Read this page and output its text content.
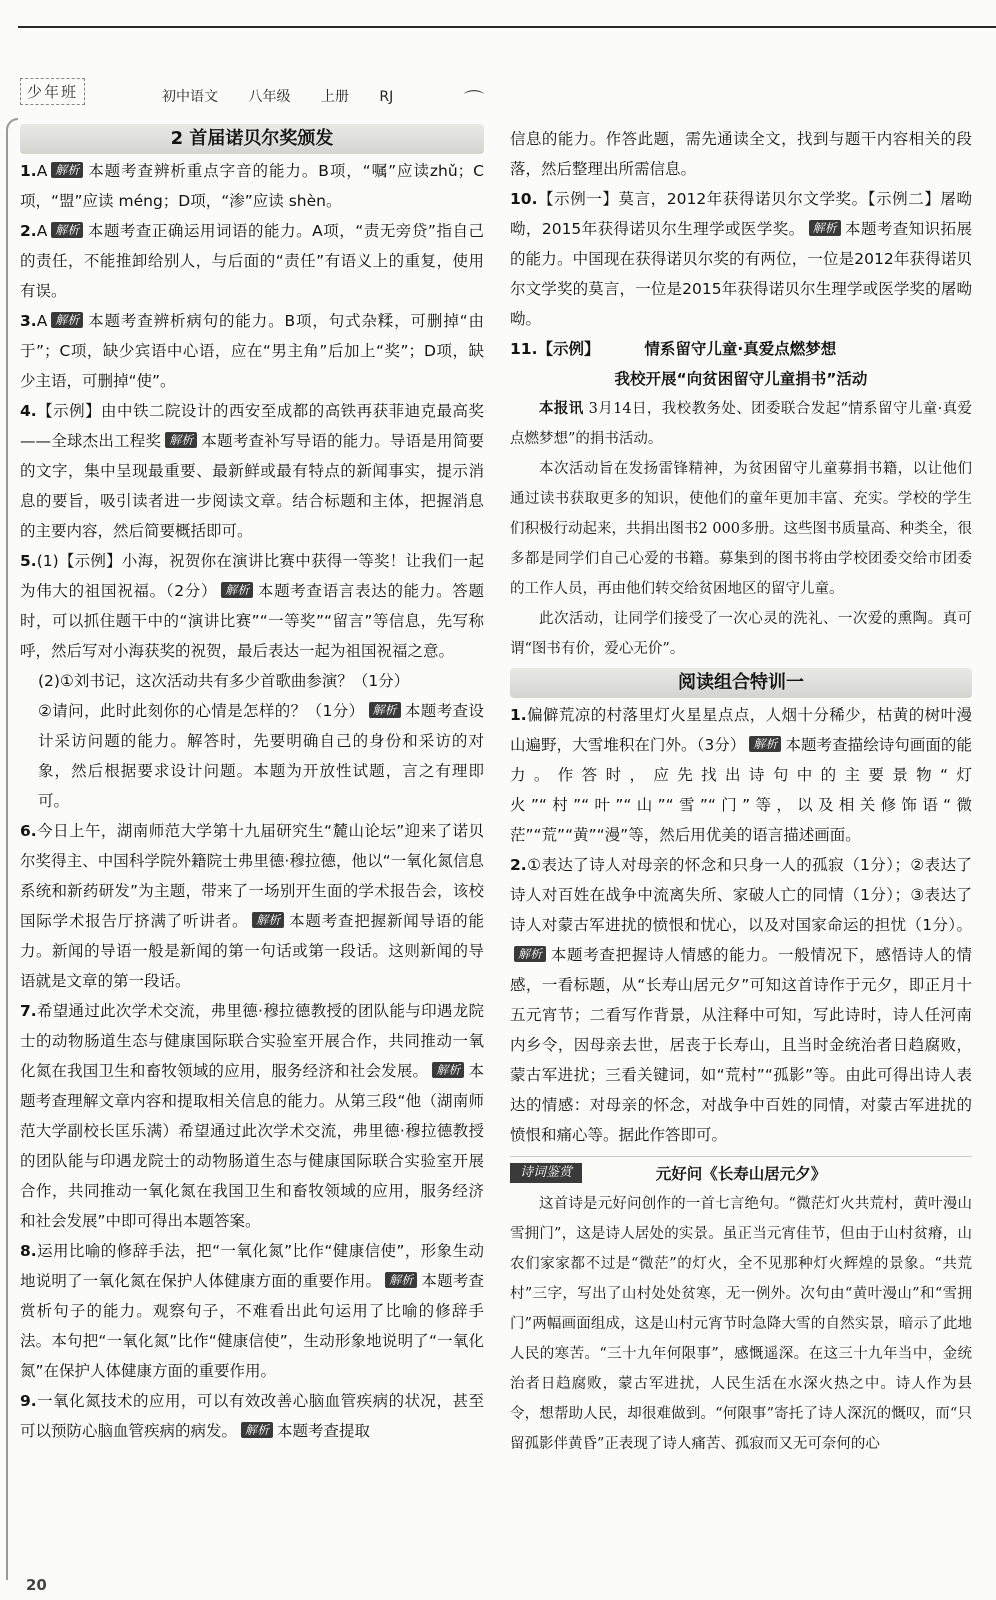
少年班	初中语文 八年级 上册 RJ	⌒
2 首届诺贝尔奖颁发

1.A 解析 本题考查辨析重点字音的能力。B项，“嘱”应读zhǔ；C项，“盟”应读 méng；D项，“渗”应读 shèn。

2.A 解析 本题考查正确运用词语的能力。A项，“责无旁贷”指自己的责任，不能推卸给别人，与后面的“责任”有语义上的重复，使用有误。

3.A 解析 本题考查辨析病句的能力。B项，句式杂糅，可删掉“由于”；C项，缺少宾语中心语，应在“男主角”后加上“奖”；D项，缺少主语，可删掉“使”。

4.【示例】由中铁二院设计的西安至成都的高铁再获菲迪克最高奖——全球杰出工程奖 解析 本题考查补写导语的能力。导语是用简要的文字，集中呈现最重要、最新鲜或最有特点的新闻事实，提示消息的要旨，吸引读者进一步阅读文章。结合标题和主体，把握消息的主要内容，然后简要概括即可。

5.(1)【示例】小海，祝贺你在演讲比赛中获得一等奖！让我们一起为伟大的祖国祝福。（2分） 解析 本题考查语言表达的能力。答题时，可以抓住题干中的“演讲比赛”“一等奖”“留言”等信息，先写称呼，然后写对小海获奖的祝贺，最后表达一起为祖国祝福之意。

(2)①刘书记，这次活动共有多少首歌曲参演？（1分）

②请问，此时此刻你的心情是怎样的？（1分） 解析 本题考查设计采访问题的能力。解答时，先要明确自己的身份和采访的对象，然后根据要求设计问题。本题为开放性试题，言之有理即可。

6.今日上午，湖南师范大学第十九届研究生“麓山论坛”迎来了诺贝尔奖得主、中国科学院外籍院士弗里德·穆拉德，他以“一氧化氮信息系统和新药研发”为主题，带来了一场别开生面的学术报告会，该校国际学术报告厅挤满了听讲者。 解析 本题考查把握新闻导语的能力。新闻的导语一般是新闻的第一句话或第一段话。这则新闻的导语就是文章的第一段话。

7.希望通过此次学术交流，弗里德·穆拉德教授的团队能与印遇龙院士的动物肠道生态与健康国际联合实验室开展合作，共同推动一氧化氮在我国卫生和畜牧领域的应用，服务经济和社会发展。 解析 本题考查理解文章内容和提取相关信息的能力。从第三段“他（湖南师范大学副校长匡乐满）希望通过此次学术交流，弗里德·穆拉德教授的团队能与印遇龙院士的动物肠道生态与健康国际联合实验室开展合作，共同推动一氧化氮在我国卫生和畜牧领域的应用，服务经济和社会发展”中即可得出本题答案。

8.运用比喻的修辞手法，把“一氧化氮”比作“健康信使”，形象生动地说明了一氧化氮在保护人体健康方面的重要作用。 解析 本题考查赏析句子的能力。观察句子，不难看出此句运用了比喻的修辞手法。本句把“一氧化氮”比作“健康信使”，生动形象地说明了“一氧化氮”在保护人体健康方面的重要作用。

9.一氧化氮技术的应用，可以有效改善心脑血管疾病的状况，甚至可以预防心脑血管疾病的病发。 解析 本题考查提取

信息的能力。作答此题，需先通读全文，找到与题干内容相关的段落，然后整理出所需信息。

10.【示例一】莫言，2012年获得诺贝尔文学奖。【示例二】屠呦呦，2015年获得诺贝尔生理学或医学奖。 解析 本题考查知识拓展的能力。中国现在获得诺贝尔奖的有两位，一位是2012年获得诺贝尔文学奖的莫言，一位是2015年获得诺贝尔生理学或医学奖的屠呦呦。

11.【示例】	情系留守儿童·真爱点燃梦想

我校开展“向贫困留守儿童捐书”活动

本报讯 3月14日，我校教务处、团委联合发起“情系留守儿童·真爱点燃梦想”的捐书活动。

本次活动旨在发扬雷锋精神，为贫困留守儿童募捐书籍，以让他们通过读书获取更多的知识，使他们的童年更加丰富、充实。学校的学生们积极行动起来，共捐出图书2 000多册。这些图书质量高、种类全，很多都是同学们自己心爱的书籍。募集到的图书将由学校团委交给市团委的工作人员，再由他们转交给贫困地区的留守儿童。

此次活动，让同学们接受了一次心灵的洗礼、一次爱的熏陶。真可谓“图书有价，爱心无价”。

阅读组合特训一

1.偏僻荒凉的村落里灯火星星点点，人烟十分稀少，枯黄的树叶漫山遍野，大雪堆积在门外。（3分） 解析 本题考查描绘诗句画面的能力。作答时，应先找出诗句中的主要景物“灯火”“村”“叶”“山”“雪”“门”等，以及相关修饰语“微茫”“荒”“黄”“漫”等，然后用优美的语言描述画面。

2.①表达了诗人对母亲的怀念和只身一人的孤寂（1分）；②表达了诗人对百姓在战争中流离失所、家破人亡的同情（1分）；③表达了诗人对蒙古军进扰的愤恨和忧心，以及对国家命运的担忧（1分）。解析 本题考查把握诗人情感的能力。一般情况下，感悟诗人的情感，一看标题，从“长寿山居元夕”可知这首诗作于元夕，即正月十五元宵节；二看写作背景，从注释中可知，写此诗时，诗人任河南内乡令，因母亲去世，居丧于长寿山，且当时金统治者日趋腐败，蒙古军进扰；三看关键词，如“荒村”“孤影”等。由此可得出诗人表达的情感：对母亲的怀念，对战争中百姓的同情，对蒙古军进扰的愤恨和痛心等。据此作答即可。

诗词鉴赏	元好问《长寿山居元夕》
这首诗是元好问创作的一首七言绝句。“微茫灯火共荒村，黄叶漫山雪拥门”，这是诗人居处的实景。虽正当元宵佳节，但由于山村贫瘠，山农们家家都不过是“微茫”的灯火，全不见那种灯火辉煌的景象。“共荒村”三字，写出了山村处处贫寒，无一例外。次句由“黄叶漫山”和“雪拥门”两幅画面组成，这是山村元宵节时急降大雪的自然实景，暗示了此地人民的寒苦。“三十九年何限事”，感慨遥深。在这三十九年当中，金统治者日趋腐败，蒙古军进扰，人民生活在水深火热之中。诗人作为县令，想帮助人民，却很难做到。“何限事”寄托了诗人深沉的慨叹，而“只留孤影伴黄昏”正表现了诗人痛苦、孤寂而又无可奈何的心
20
